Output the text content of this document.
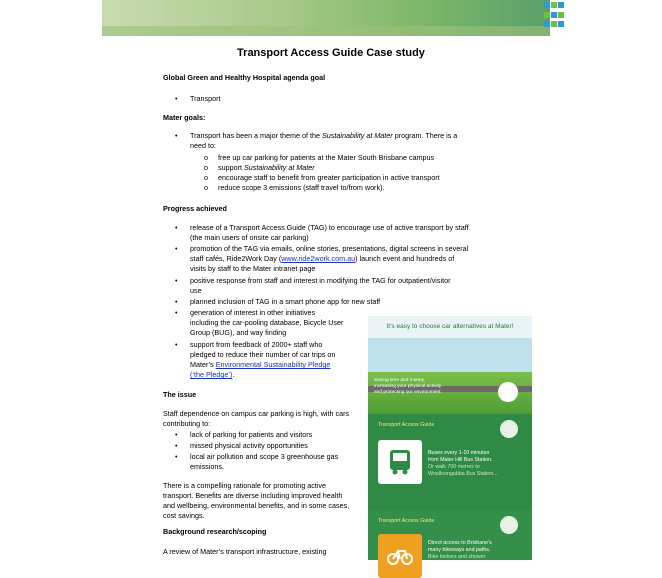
HEALTHY
HOSPITALS
Transport Access Guide Case study
Global Green and Healthy Hospital agenda goal
Transport
Mater goals:
Transport has been a major theme of the Sustainability at Mater program. There is a
need to:
free up car parking for patients at the Mater South Brisbane campus
support Sustainability at Mater
encourage staff to benefit from greater participation in active transport
reduce scope 3 emissions (staff travel to/from work).
Progress achieved
release of a Transport Access Guide (TAG) to encourage use of active transport by staff
(the main users of onsite car parking)
promotion of the TAG via emails, online stories, presentations, digital screens in several
staff cafés, Ride2Work Day (www.ride2work.com.au) launch event and hundreds of
visits by staff to the Mater intranet page
positive response from staff and interest in modifying the TAG for outpatient/visitor
use
planned inclusion of TAG in a smart phone app for new staff
generation of interest in other initiatives
including the car-pooling database, Bicycle User
Group (BUG), and way finding
support from feedback of 2000+ staff who
pledged to reduce their number of car trips on
Mater’s Environmental Sustainability Pledge
(‘the Pledge’).
The issue
Staff dependence on campus car parking is high, with cars
contributing to:
lack of parking for patients and visitors
missed physical activity opportunities
local air pollution and scope 3 greenhouse gas
emissions.
There is a compelling rationale for promoting active
transport. Benefits are diverse including improved health
and wellbeing, environmental benefits, and in some cases,
cost savings.
Background research/scoping
A review of Mater’s transport infrastructure, existing
It’s easy to choose car alternatives at Mater!
Saving time and money,
increasing your physical activity
and protecting our environment.
Transport Access Guide
Buses every 1-10 minutes
from Mater Hill Bus Station.
Or walk 700 metres to
Woolloongabba Bus Station...
Transport Access Guide
Direct access to Brisbane’s
many bikeways and paths.
Bike lockers and shower
